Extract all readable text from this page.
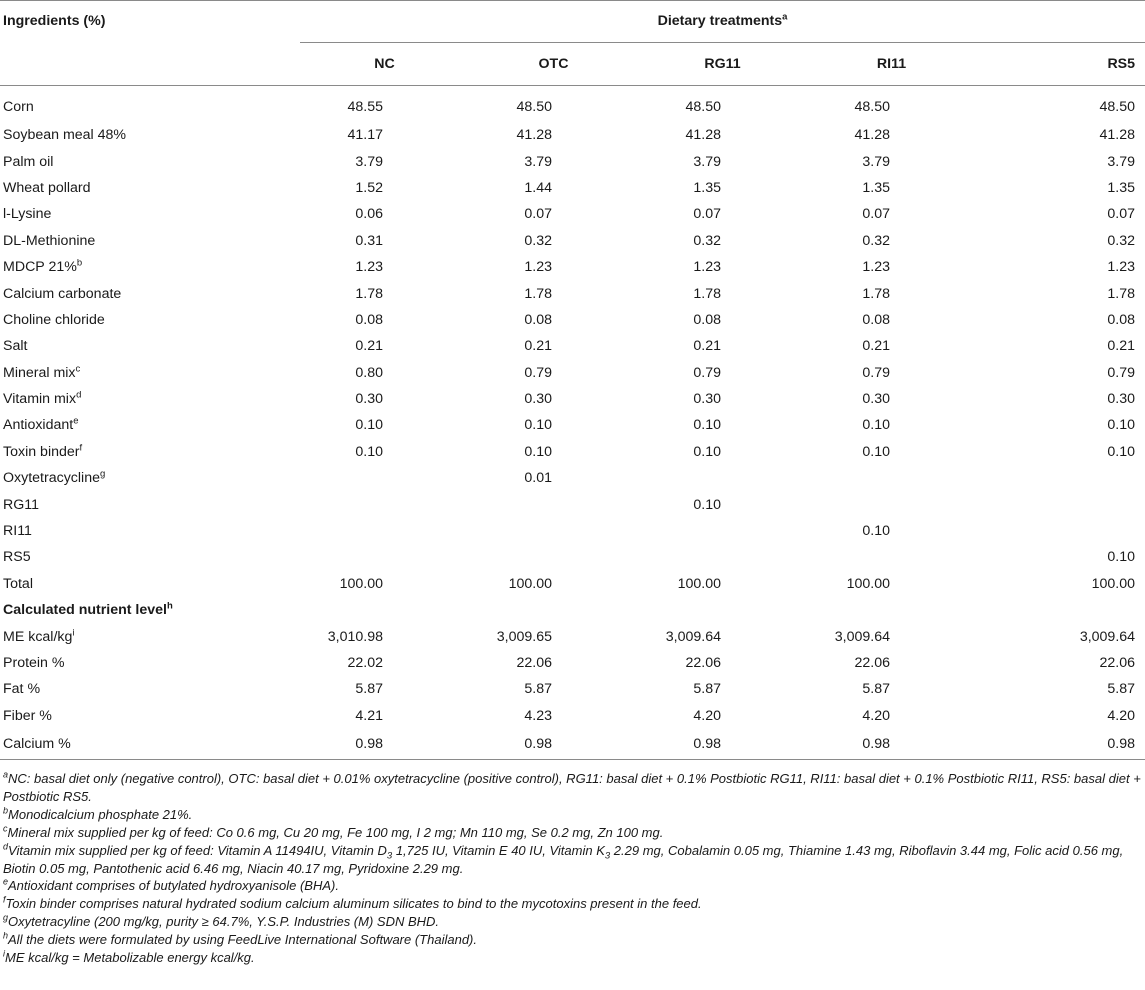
Ingredients (%)	Dietary treatments$^a$
	NC	OTC	RG11	RI11	RS5
Corn	48.55	48.50	48.50	48.50	48.50
Soybean meal 48%	41.17	41.28	41.28	41.28	41.28
Palm oil	3.79	3.79	3.79	3.79	3.79
Wheat pollard	1.52	1.44	1.35	1.35	1.35
l-Lysine	0.06	0.07	0.07	0.07	0.07
DL-Methionine	0.31	0.32	0.32	0.32	0.32
MDCP 21%$^b$	1.23	1.23	1.23	1.23	1.23
Calcium carbonate	1.78	1.78	1.78	1.78	1.78
Choline chloride	0.08	0.08	0.08	0.08	0.08
Salt	0.21	0.21	0.21	0.21	0.21
Mineral mix$^c$	0.80	0.79	0.79	0.79	0.79
Vitamin mix$^d$	0.30	0.30	0.30	0.30	0.30
Antioxidant$^e$	0.10	0.10	0.10	0.10	0.10
Toxin binder$^f$	0.10	0.10	0.10	0.10	0.10
Oxytetracycline$^g$		0.01			
RG11			0.10		
RI11				0.10	
RS5					0.10
Total	100.00	100.00	100.00	100.00	100.00
Calculated nutrient level$^h$
ME kcal/$kg^i$	3,010.98	3,009.65	3,009.64	3,009.64	3,009.64
Protein %	22.02	22.06	22.06	22.06	22.06
Fat %	5.87	5.87	5.87	5.87	5.87
Fiber %	4.21	4.23	4.20	4.20	4.20
Calcium %	0.98	0.98	0.98	0.98	0.98
$^a$NC: basal diet only (negative control), OTC: basal diet + 0.01% oxytetracycline (positive control), RG11: basal diet + 0.1% Postbiotic RG11, RI11: basal diet + 0.1% Postbiotic RI11, RS5: basal diet + Postbiotic RS5.
$^b$Monodicalcium phosphate 21%.
$^c$Mineral mix supplied per kg of feed: Co 0.6 mg, Cu 20 mg, Fe 100 mg, I 2 mg; Mn 110 mg, Se 0.2 mg, Zn 100 mg.
$^d$Vitamin mix supplied per kg of feed: Vitamin A 11494IU, Vitamin $D_3$ 1,725 IU, Vitamin E 40 IU, Vitamin $K_3$ 2.29 mg, Cobalamin 0.05 mg, Thiamine 1.43 mg, Riboflavin 3.44 mg, Folic acid 0.56 mg, Biotin 0.05 mg, Pantothenic acid 6.46 mg, Niacin 40.17 mg, Pyridoxine 2.29 mg.
$^e$Antioxidant comprises of butylated hydroxyanisole (BHA).
$^f$Toxin binder comprises natural hydrated sodium calcium aluminum silicates to bind to the mycotoxins present in the feed.
$^g$Oxytetracyline (200 mg/kg, purity ≥ 64.7%, Y.S.P. Industries (M) SDN BHD.
$^h$All the diets were formulated by using FeedLive International Software (Thailand).
$^i$ME kcal/kg = Metabolizable energy kcal/kg.
